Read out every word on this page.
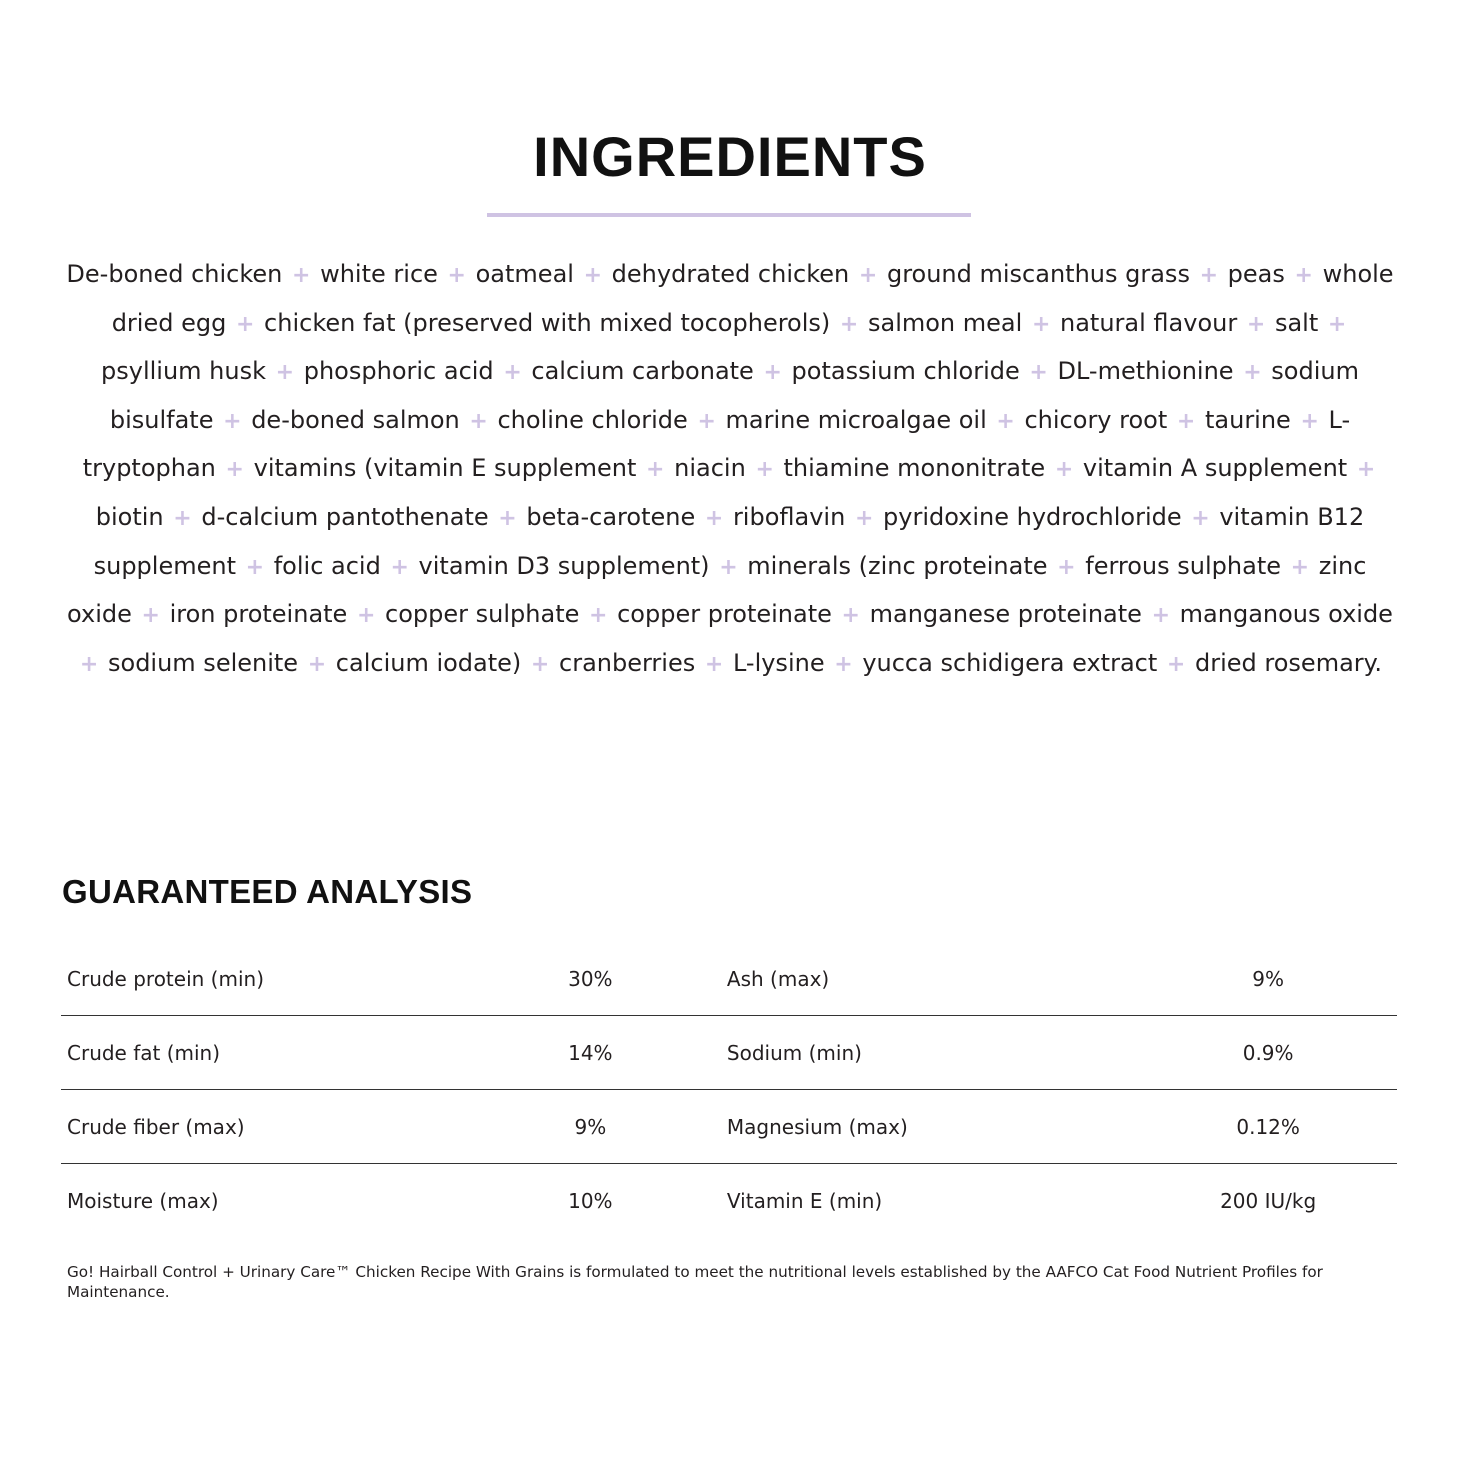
INGREDIENTS

De-boned chicken + white rice + oatmeal + dehydrated chicken + ground miscanthus grass + peas + whole dried egg + chicken fat (preserved with mixed tocopherols) + salmon meal + natural flavour + salt + psyllium husk + phosphoric acid + calcium carbonate + potassium chloride + DL-methionine + sodium bisulfate + de-boned salmon + choline chloride + marine microalgae oil + chicory root + taurine + L-tryptophan + vitamins (vitamin E supplement + niacin + thiamine mononitrate + vitamin A supplement + biotin + d-calcium pantothenate + beta-carotene + riboflavin + pyridoxine hydrochloride + vitamin B12 supplement + folic acid + vitamin D3 supplement) + minerals (zinc proteinate + ferrous sulphate + zinc oxide + iron proteinate + copper sulphate + copper proteinate + manganese proteinate + manganous oxide + sodium selenite + calcium iodate) + cranberries + L-lysine + yucca schidigera extract + dried rosemary.

GUARANTEED ANALYSIS
Crude protein (min)	30%		Ash (max)	9%
Crude fat (min)	14%		Sodium (min)	0.9%
Crude fiber (max)	9%		Magnesium (max)	0.12%
Moisture (max)	10%		Vitamin E (min)	200 IU/kg

Go! Hairball Control + Urinary Care™ Chicken Recipe With Grains is formulated to meet the nutritional levels established by the AAFCO Cat Food Nutrient Profiles for Maintenance.
